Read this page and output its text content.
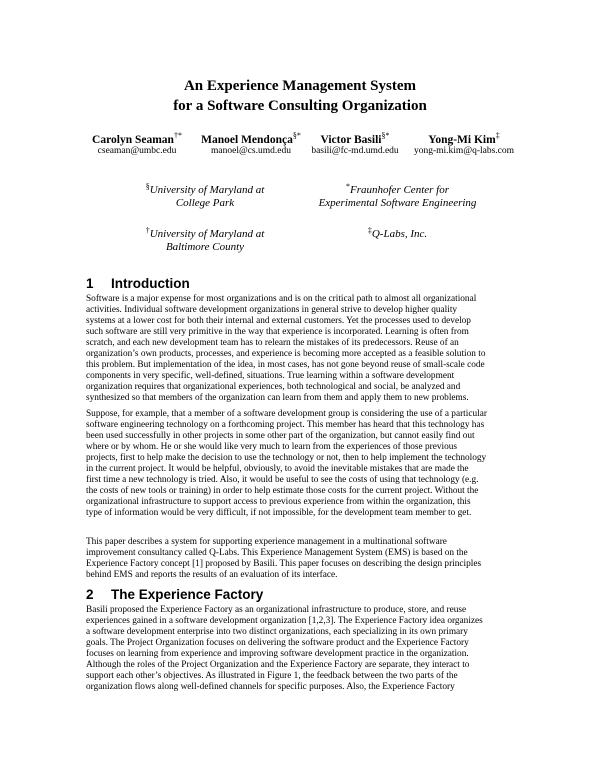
An Experience Management System
for a Software Consulting Organization
Carolyn Seaman†*
cseaman@umbc.edu
Manoel Mendonça§*
manoel@cs.umd.edu
Victor Basili§*
basili@fc-md.umd.edu
Yong-Mi Kim‡
yong-mi.kim@q-labs.com
§University of Maryland at
College Park
*Fraunhofer Center for
Experimental Software Engineering
†University of Maryland at
Baltimore County
‡Q-Labs, Inc.
1 Introduction
Software is a major expense for most organizations and is on the critical path to almost all organizational
activities. Individual software development organizations in general strive to develop higher quality
systems at a lower cost for both their internal and external customers. Yet the processes used to develop
such software are still very primitive in the way that experience is incorporated. Learning is often from
scratch, and each new development team has to relearn the mistakes of its predecessors. Reuse of an
organization’s own products, processes, and experience is becoming more accepted as a feasible solution to
this problem. But implementation of the idea, in most cases, has not gone beyond reuse of small-scale code
components in very specific, well-defined, situations. True learning within a software development
organization requires that organizational experiences, both technological and social, be analyzed and
synthesized so that members of the organization can learn from them and apply them to new problems.
Suppose, for example, that a member of a software development group is considering the use of a particular
software engineering technology on a forthcoming project. This member has heard that this technology has
been used successfully in other projects in some other part of the organization, but cannot easily find out
where or by whom. He or she would like very much to learn from the experiences of those previous
projects, first to help make the decision to use the technology or not, then to help implement the technology
in the current project. It would be helpful, obviously, to avoid the inevitable mistakes that are made the
first time a new technology is tried. Also, it would be useful to see the costs of using that technology (e.g.
the costs of new tools or training) in order to help estimate those costs for the current project. Without the
organizational infrastructure to support access to previous experience from within the organization, this
type of information would be very difficult, if not impossible, for the development team member to get.
This paper describes a system for supporting experience management in a multinational software
improvement consultancy called Q-Labs. This Experience Management System (EMS) is based on the
Experience Factory concept [1] proposed by Basili. This paper focuses on describing the design principles
behind EMS and reports the results of an evaluation of its interface.
2 The Experience Factory
Basili proposed the Experience Factory as an organizational infrastructure to produce, store, and reuse
experiences gained in a software development organization [1,2,3]. The Experience Factory idea organizes
a software development enterprise into two distinct organizations, each specializing in its own primary
goals. The Project Organization focuses on delivering the software product and the Experience Factory
focuses on learning from experience and improving software development practice in the organization.
Although the roles of the Project Organization and the Experience Factory are separate, they interact to
support each other’s objectives. As illustrated in Figure 1, the feedback between the two parts of the
organization flows along well-defined channels for specific purposes. Also, the Experience Factory
